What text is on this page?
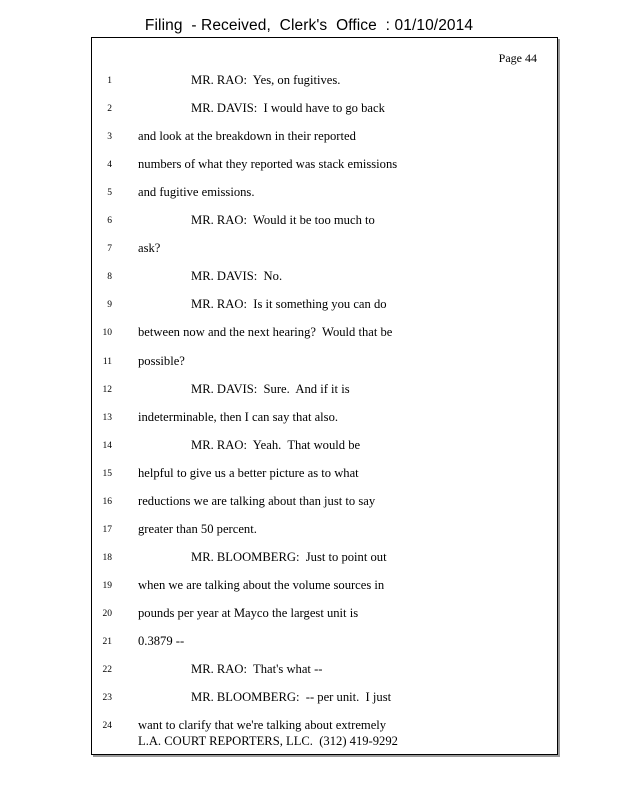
Filing  - Received,  Clerk's  Office  : 01/10/2014
Page 44
1	MR. RAO:  Yes, on fugitives.
2	MR. DAVIS:  I would have to go back
3 and look at the breakdown in their reported
4 numbers of what they reported was stack emissions
5 and fugitive emissions.
6	MR. RAO:  Would it be too much to
7 ask?
8	MR. DAVIS:  No.
9	MR. RAO:  Is it something you can do
10 between now and the next hearing?  Would that be
11 possible?
12	MR. DAVIS:  Sure.  And if it is
13 indeterminable, then I can say that also.
14	MR. RAO:  Yeah.  That would be
15 helpful to give us a better picture as to what
16 reductions we are talking about than just to say
17 greater than 50 percent.
18	MR. BLOOMBERG:  Just to point out
19 when we are talking about the volume sources in
20 pounds per year at Mayco the largest unit is
21 0.3879 --
22	MR. RAO:  That's what --
23	MR. BLOOMBERG:  -- per unit.  I just
24 want to clarify that we're talking about extremely
L.A. COURT REPORTERS, LLC.  (312) 419-9292
